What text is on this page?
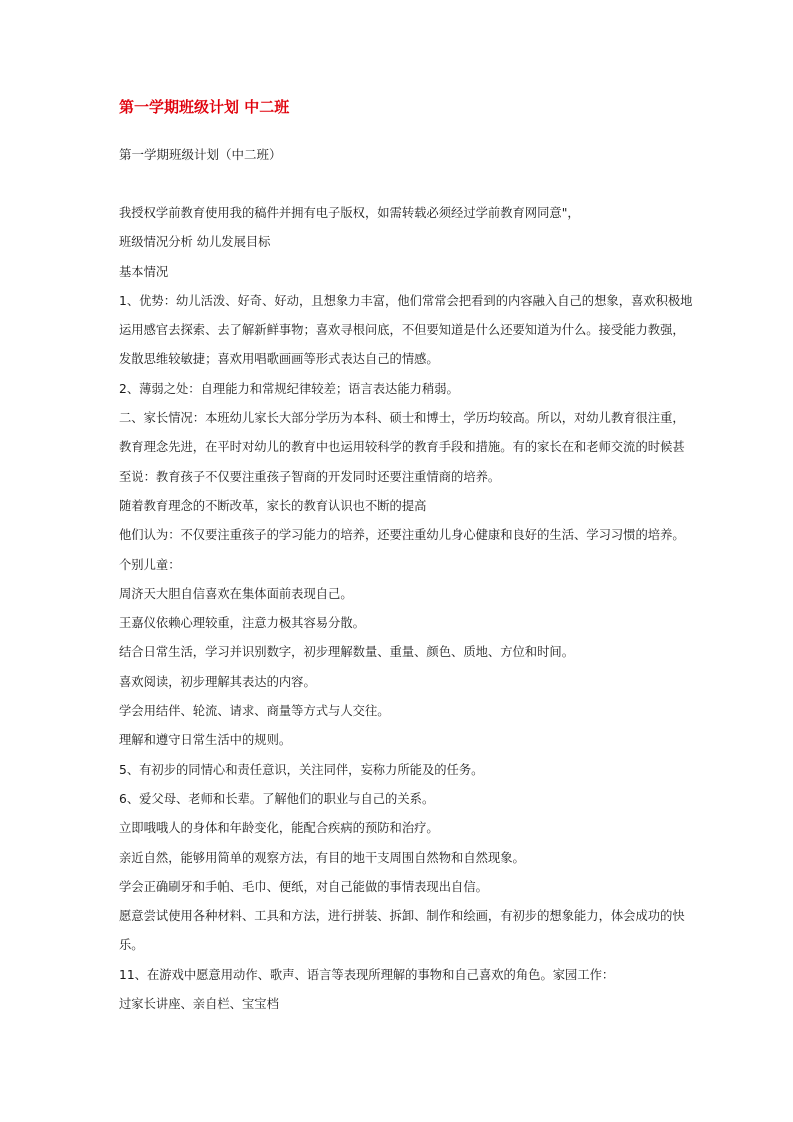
第一学期班级计划 中二班

第一学期班级计划（中二班）

我授权学前教育使用我的稿件并拥有电子版权，如需转载必须经过学前教育网同意"，
班级情况分析 幼儿发展目标
基本情况
1、优势：幼儿活泼、好奇、好动，且想象力丰富，他们常常会把看到的内容融入自己的想象，喜欢积极地
运用感官去探索、去了解新鲜事物；喜欢寻根问底，不但要知道是什么还要知道为什么。接受能力教强，
发散思维较敏捷；喜欢用唱歌画画等形式表达自己的情感。
2、薄弱之处：自理能力和常规纪律较差；语言表达能力稍弱。
二、家长情况：本班幼儿家长大部分学历为本科、硕士和博士，学历均较高。所以，对幼儿教育很注重，
教育理念先进，在平时对幼儿的教育中也运用较科学的教育手段和措施。有的家长在和老师交流的时候甚
至说：教育孩子不仅要注重孩子智商的开发同时还要注重情商的培养。
随着教育理念的不断改革，家长的教育认识也不断的提高
他们认为：不仅要注重孩子的学习能力的培养，还要注重幼儿身心健康和良好的生活、学习习惯的培养。
个别儿童：
周济天大胆自信喜欢在集体面前表现自己。
王嘉仪依赖心理较重，注意力极其容易分散。
结合日常生活，学习并识别数字，初步理解数量、重量、颜色、质地、方位和时间。
喜欢阅读，初步理解其表达的内容。
学会用结伴、轮流、请求、商量等方式与人交往。
理解和遵守日常生活中的规则。
5、有初步的同情心和责任意识，关注同伴，妄称力所能及的任务。
6、爱父母、老师和长辈。了解他们的职业与自己的关系。
立即哦哦人的身体和年龄变化，能配合疾病的预防和治疗。
亲近自然，能够用简单的观察方法，有目的地干支周围自然物和自然现象。
学会正确刷牙和手帕、毛巾、便纸，对自己能做的事情表现出自信。
愿意尝试使用各种材料、工具和方法，进行拼装、拆卸、制作和绘画，有初步的想象能力，体会成功的快
乐。
11、在游戏中愿意用动作、歌声、语言等表现所理解的事物和自己喜欢的角色。家园工作：
过家长讲座、亲自栏、宝宝档
